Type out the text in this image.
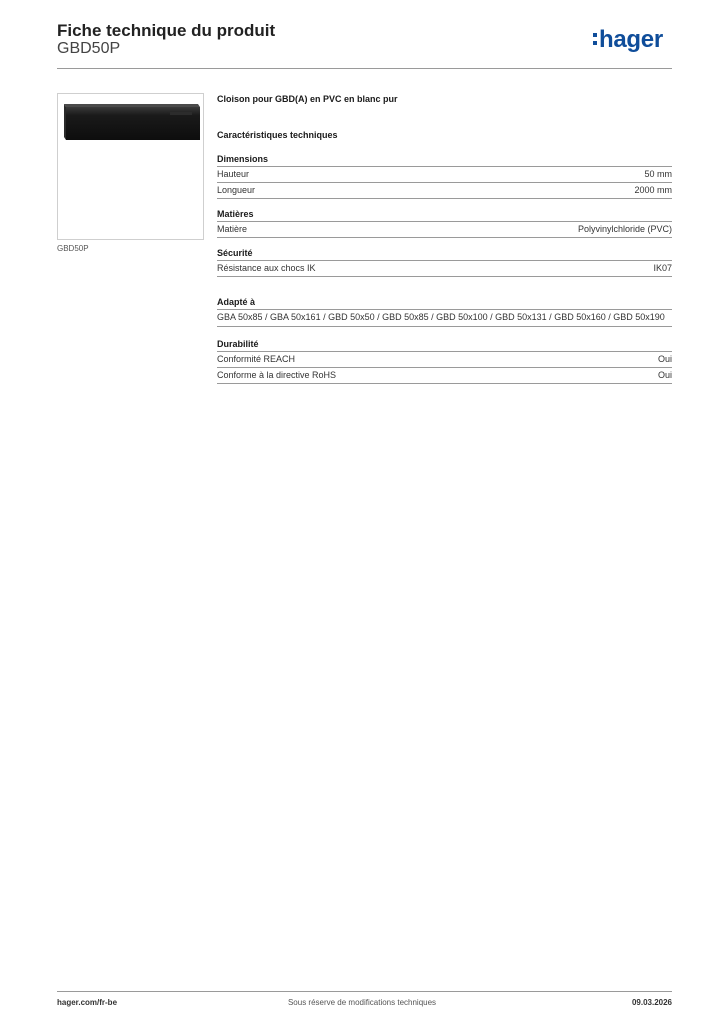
Fiche technique du produit
GBD50P	hager
GBD50P
Cloison pour GBD(A) en PVC en blanc pur
Caractéristiques techniques
Dimensions
Hauteur	50 mm
Longueur	2000 mm
Matières
Matière	Polyvinylchloride (PVC)
Sécurité
Résistance aux chocs IK	IK07
Adapté à
GBA 50x85 / GBA 50x161 / GBD 50x50 / GBD 50x85 / GBD 50x100 / GBD 50x131 / GBD 50x160 / GBD 50x190
Durabilité
Conformité REACH	Oui
Conforme à la directive RoHS	Oui
hager.com/fr-be	Sous réserve de modifications techniques	09.03.2026
